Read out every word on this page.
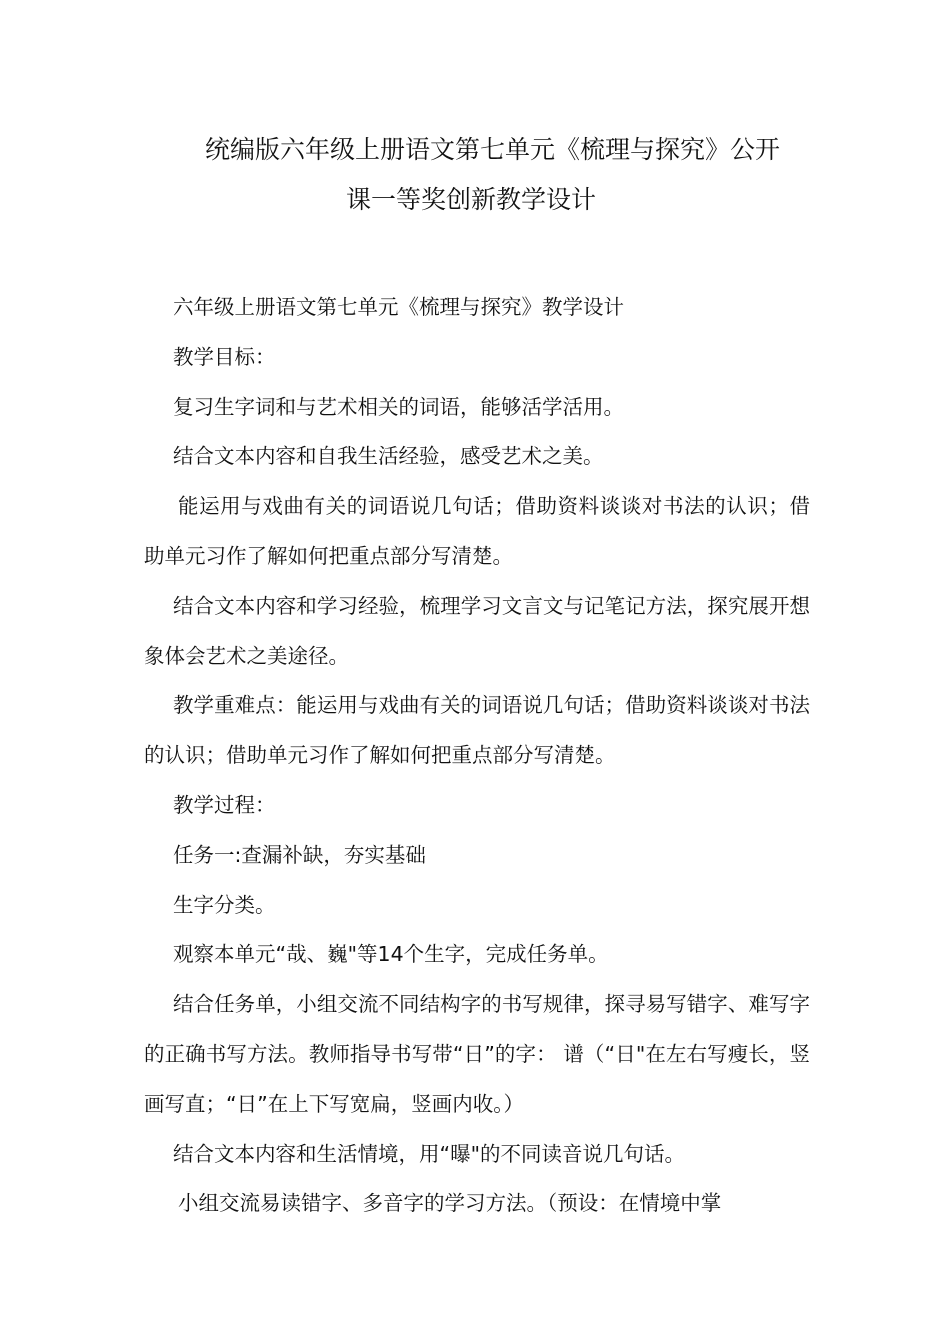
统编版六年级上册语文第七单元《梳理与探究》公开
课一等奖创新教学设计

六年级上册语文第七单元《梳理与探究》教学设计

教学目标：

复习生字词和与艺术相关的词语，能够活学活用。

结合文本内容和自我生活经验，感受艺术之美。

能运用与戏曲有关的词语说几句话；借助资料谈谈对书法的认识；借助单元习作了解如何把重点部分写清楚。

结合文本内容和学习经验，梳理学习文言文与记笔记方法，探究展开想象体会艺术之美途径。

教学重难点：能运用与戏曲有关的词语说几句话；借助资料谈谈对书法的认识；借助单元习作了解如何把重点部分写清楚。

教学过程：

任务一:查漏补缺，夯实基础

生字分类。

观察本单元“哉、巍"等14个生字，完成任务单。

结合任务单，小组交流不同结构字的书写规律，探寻易写错字、难写字的正确书写方法。教师指导书写带“日”的字： 谱（“日"在左右写瘦长，竖画写直；“日”在上下写宽扁，竖画内收。）

结合文本内容和生活情境，用“曝"的不同读音说几句话。

小组交流易读错字、多音字的学习方法。（预设：在情境中掌
